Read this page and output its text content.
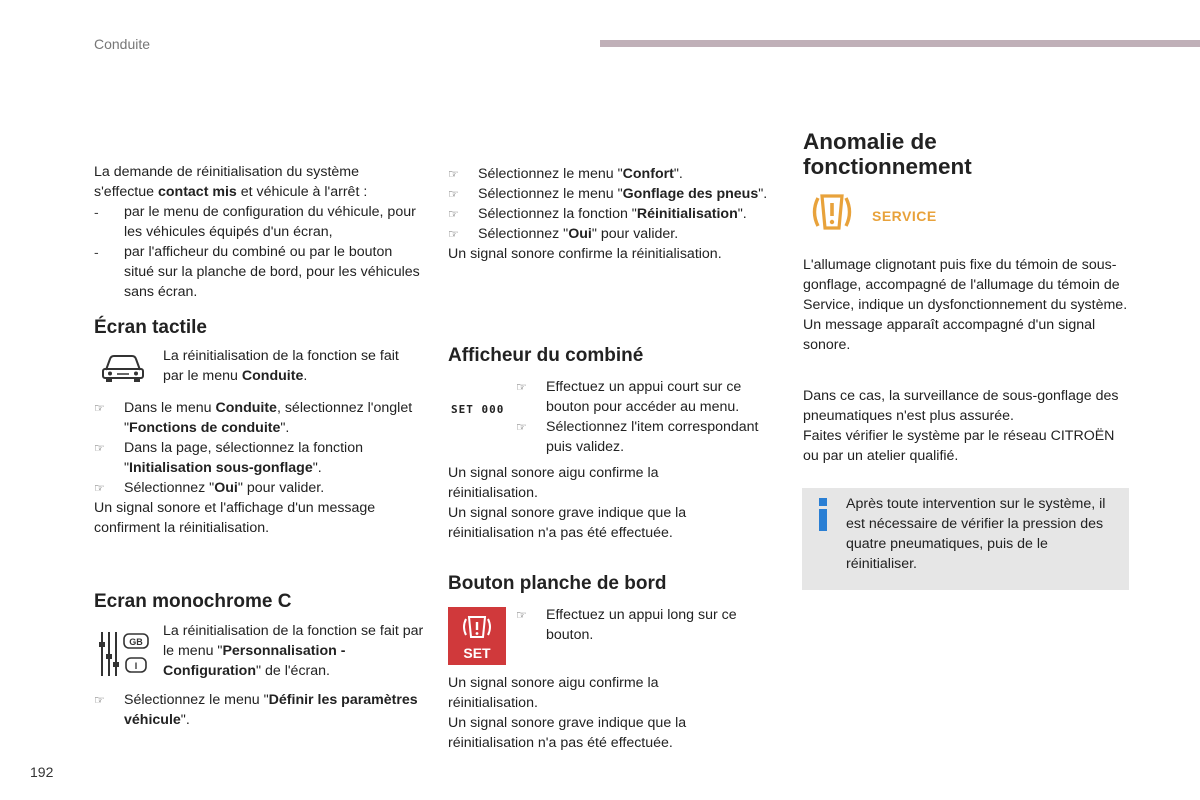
Conduite

La demande de réinitialisation du système

s'effectue contact mis et véhicule à l'arrêt :

-	par le menu de configuration du véhicule, pour les véhicules équipés d'un écran,
-	par l'afficheur du combiné ou par le bouton situé sur la planche de bord, pour les véhicules sans écran.
Écran tactile

La réinitialisation de la fonction se fait par le menu Conduite.

☞	Dans le menu Conduite, sélectionnez l'onglet "Fonctions de conduite".
☞	Dans la page, sélectionnez la fonction "Initialisation sous-gonflage".
☞	Sélectionnez "Oui" pour valider.

Un signal sonore et l'affichage d'un message confirment la réinitialisation.

Ecran monochrome C
GB
I

La réinitialisation de la fonction se fait par le menu "Personnalisation - Configuration" de l'écran.

☞	Sélectionnez le menu "Définir les paramètres véhicule".
192
☞	Sélectionnez le menu "Confort".
☞	Sélectionnez le menu "Gonflage des pneus".
☞	Sélectionnez la fonction "Réinitialisation".
☞	Sélectionnez "Oui" pour valider.

Un signal sonore confirme la réinitialisation.

Afficheur du combiné
SET 000
☞	Effectuez un appui court sur ce bouton pour accéder au menu.
☞	Sélectionnez l'item correspondant puis validez.

Un signal sonore aigu confirme la réinitialisation.

Un signal sonore grave indique que la réinitialisation n'a pas été effectuée.

Bouton planche de bord
SET
☞	Effectuez un appui long sur ce bouton.

Un signal sonore aigu confirme la réinitialisation.

Un signal sonore grave indique que la réinitialisation n'a pas été effectuée.

Anomalie de fonctionnement
SERVICE

L'allumage clignotant puis fixe du témoin de sous-gonflage, accompagné de l'allumage du témoin de Service, indique un dysfonctionnement du système.

Un message apparaît accompagné d'un signal sonore.

Dans ce cas, la surveillance de sous-gonflage des pneumatiques n'est plus assurée.

Faites vérifier le système par le réseau CITROËN ou par un atelier qualifié.

Après toute intervention sur le système, il est nécessaire de vérifier la pression des quatre pneumatiques, puis de le réinitialiser.
